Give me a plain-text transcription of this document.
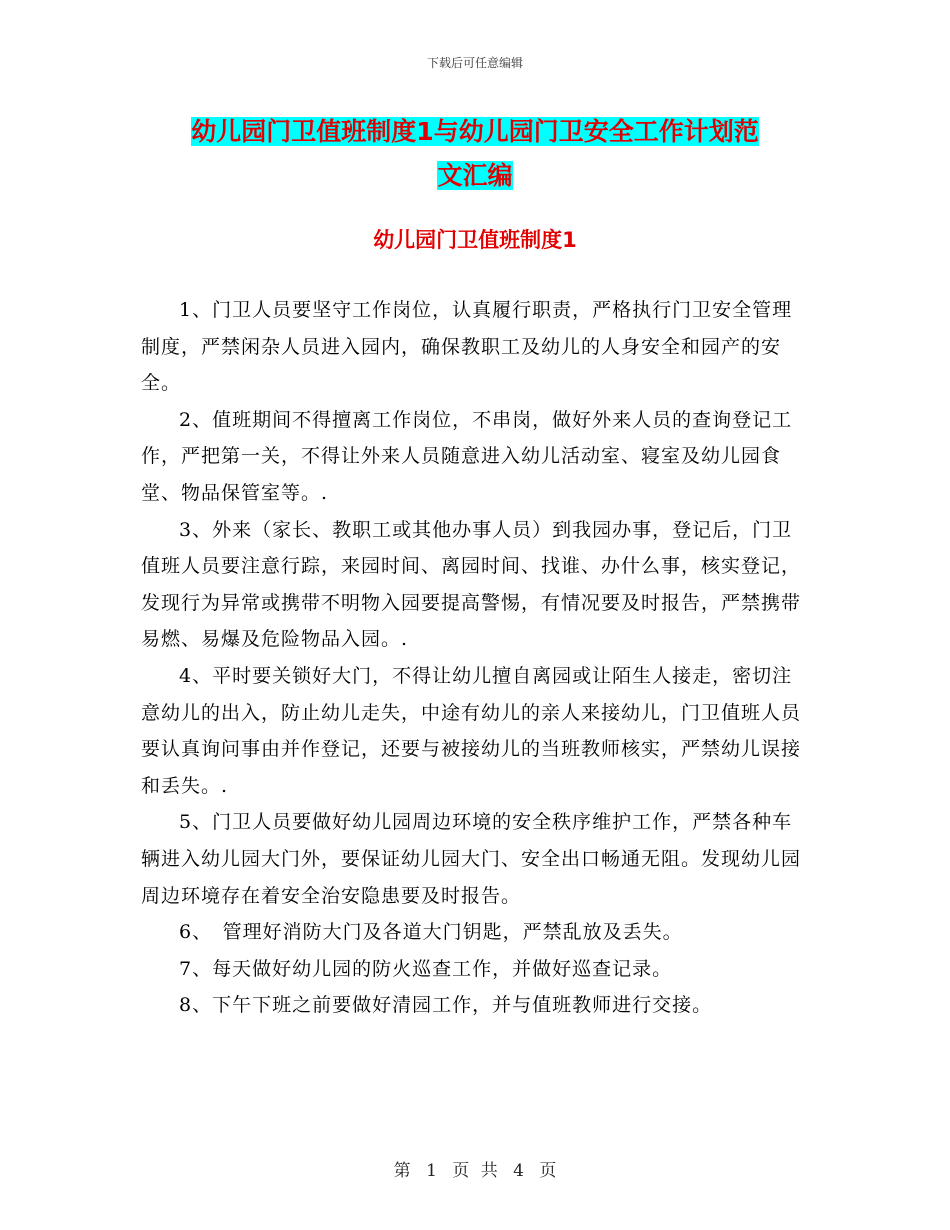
下载后可任意编辑
幼儿园门卫值班制度1与幼儿园门卫安全工作计划范
文汇编
幼儿园门卫值班制度1

1、门卫人员要坚守工作岗位，认真履行职责，严格执行门卫安全管理制度，严禁闲杂人员进入园内，确保教职工及幼儿的人身安全和园产的安全。

2、值班期间不得擅离工作岗位，不串岗，做好外来人员的查询登记工作，严把第一关，不得让外来人员随意进入幼儿活动室、寝室及幼儿园食堂、物品保管室等。.

3、外来（家长、教职工或其他办事人员）到我园办事，登记后，门卫值班人员要注意行踪，来园时间、离园时间、找谁、办什么事，核实登记，发现行为异常或携带不明物入园要提高警惕，有情况要及时报告，严禁携带易燃、易爆及危险物品入园。.

4、平时要关锁好大门，不得让幼儿擅自离园或让陌生人接走，密切注意幼儿的出入，防止幼儿走失，中途有幼儿的亲人来接幼儿，门卫值班人员要认真询问事由并作登记，还要与被接幼儿的当班教师核实，严禁幼儿误接和丢失。.

5、门卫人员要做好幼儿园周边环境的安全秩序维护工作，严禁各种车辆进入幼儿园大门外，要保证幼儿园大门、安全出口畅通无阻。发现幼儿园周边环境存在着安全治安隐患要及时报告。

6、　管理好消防大门及各道大门钥匙，严禁乱放及丢失。

7、每天做好幼儿园的防火巡查工作，并做好巡查记录。

8、下午下班之前要做好清园工作，并与值班教师进行交接。

第 1 页 共 4 页
